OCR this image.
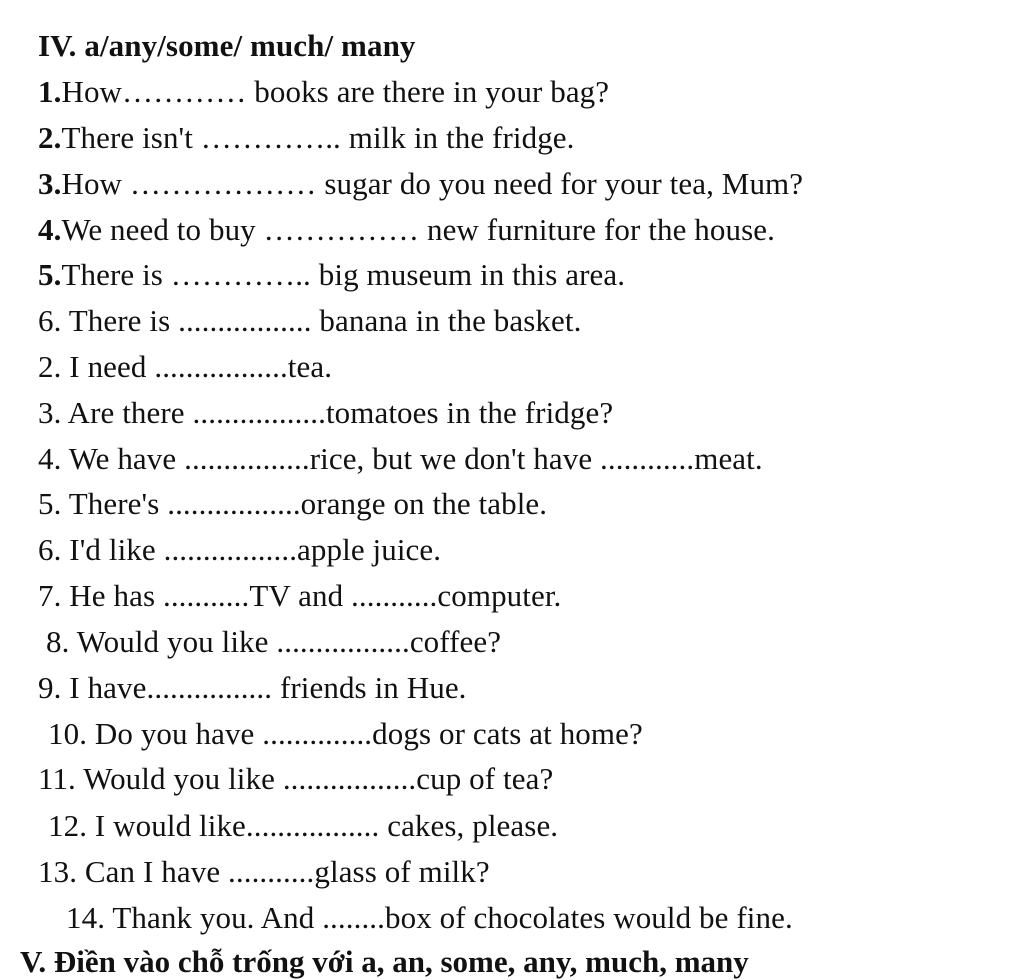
IV. a/any/some/ much/ many
1.How………… books are there in your bag?
2.There isn't ………….. milk in the fridge.
3.How ……………… sugar do you need for your tea, Mum?
4.We need to buy …………… new furniture for the house.
5.There is ………….. big museum in this area.
6. There is ................. banana in the basket.
2. I need .................tea.
3. Are there .................tomatoes in the fridge?
4. We have ................rice, but we don't have ............meat.
5. There's .................orange on the table.
6. I'd like .................apple juice.
7. He has ...........TV and ...........computer.
8. Would you like .................coffee?
9. I have................ friends in Hue.
10. Do you have ..............dogs or cats at home?
11. Would you like .................cup of tea?
12. I would like................. cakes, please.
13. Can I have ...........glass of milk?
14. Thank you. And ........box of chocolates would be fine.
V. Điền vào chỗ trống với a, an, some, any, much, many
